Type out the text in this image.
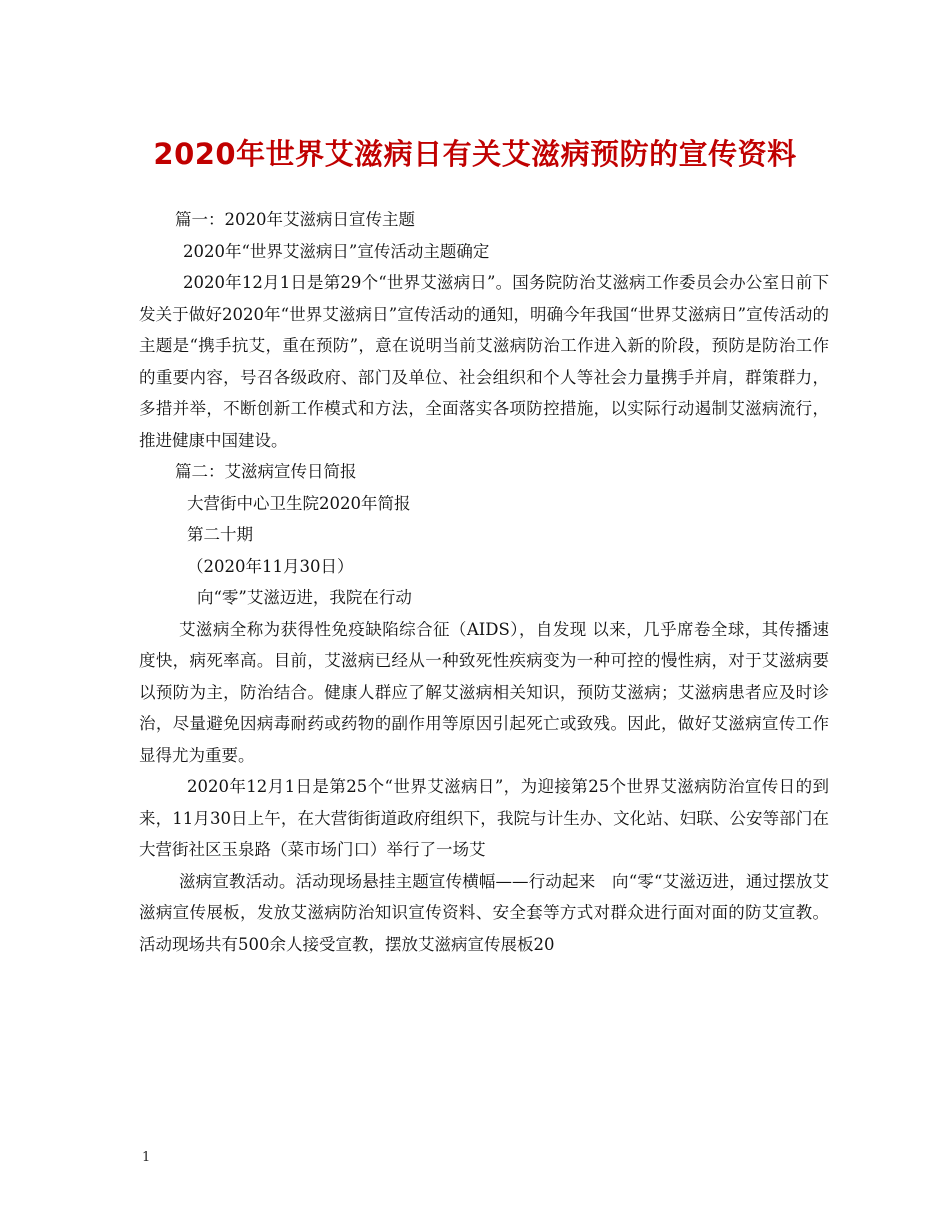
2020年世界艾滋病日有关艾滋病预防的宣传资料

篇一：2020年艾滋病日宣传主题

2020年“世界艾滋病日”宣传活动主题确定

2020年12月1日是第29个“世界艾滋病日”。国务院防治艾滋病工作委员会办公室日前下发关于做好2020年“世界艾滋病日”宣传活动的通知，明确今年我国“世界艾滋病日”宣传活动的主题是“携手抗艾，重在预防”，意在说明当前艾滋病防治工作进入新的阶段，预防是防治工作的重要内容，号召各级政府、部门及单位、社会组织和个人等社会力量携手并肩，群策群力，多措并举，不断创新工作模式和方法，全面落实各项防控措施，以实际行动遏制艾滋病流行，推进健康中国建设。

篇二：艾滋病宣传日简报

大营街中心卫生院2020年简报

第二十期

（2020年11月30日）

向“零”艾滋迈进，我院在行动

艾滋病全称为获得性免疫缺陷综合征（AIDS），自发现 以来，几乎席卷全球，其传播速度快，病死率高。目前，艾滋病已经从一种致死性疾病变为一种可控的慢性病，对于艾滋病要以预防为主，防治结合。健康人群应了解艾滋病相关知识，预防艾滋病；艾滋病患者应及时诊治，尽量避免因病毒耐药或药物的副作用等原因引起死亡或致残。因此，做好艾滋病宣传工作显得尤为重要。

2020年12月1日是第25个“世界艾滋病日”，为迎接第25个世界艾滋病防治宣传日的到来，11月30日上午，在大营街街道政府组织下，我院与计生办、文化站、妇联、公安等部门在大营街社区玉泉路（菜市场门口）举行了一场艾

滋病宣教活动。活动现场悬挂主题宣传横幅——行动起来　向“零“艾滋迈进，通过摆放艾滋病宣传展板，发放艾滋病防治知识宣传资料、安全套等方式对群众进行面对面的防艾宣教。活动现场共有500余人接受宣教，摆放艾滋病宣传展板20

1
